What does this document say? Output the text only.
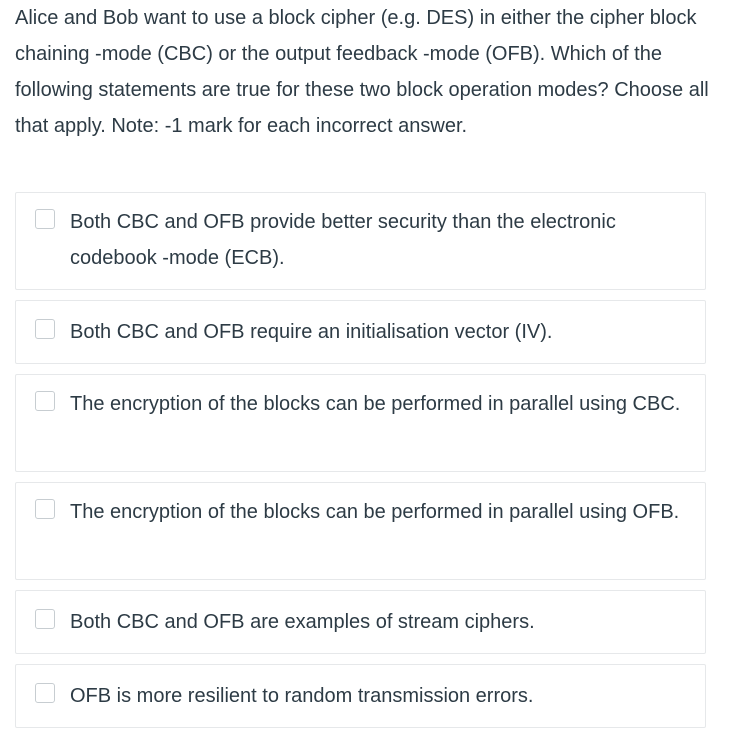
Alice and Bob want to use a block cipher (e.g. DES) in either the cipher block chaining -mode (CBC) or the output feedback -mode (OFB). Which of the following statements are true for these two block operation modes? Choose all that apply. Note: -1 mark for each incorrect answer.
Both CBC and OFB provide better security than the electronic codebook -mode (ECB).
Both CBC and OFB require an initialisation vector (IV).
The encryption of the blocks can be performed in parallel using CBC.
The encryption of the blocks can be performed in parallel using OFB.
Both CBC and OFB are examples of stream ciphers.
OFB is more resilient to random transmission errors.
